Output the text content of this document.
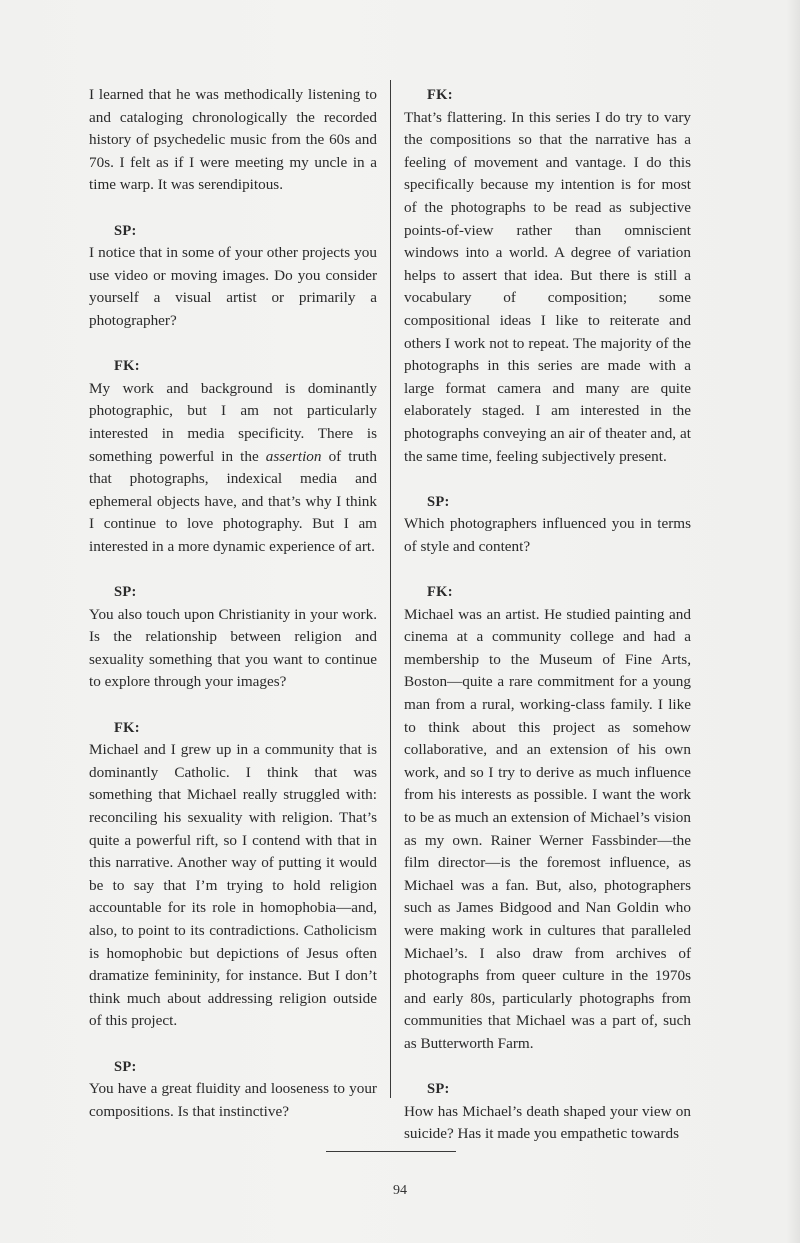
I learned that he was methodically listening to and cataloging chronologically the recorded history of psychedelic music from the 60s and 70s. I felt as if I were meeting my uncle in a time warp. It was serendipitous.

SP:

I notice that in some of your other projects you use video or moving images. Do you consider yourself a visual artist or primarily a photographer?

FK:

My work and background is dominantly photographic, but I am not particularly interested in media specificity. There is something powerful in the assertion of truth that photographs, indexical media and ephemeral objects have, and that’s why I think I continue to love photography. But I am interested in a more dynamic experience of art.

SP:

You also touch upon Christianity in your work. Is the relationship between religion and sexuality something that you want to continue to explore through your images?

FK:

Michael and I grew up in a community that is dominantly Catholic. I think that was something that Michael really struggled with: reconciling his sexuality with religion. That’s quite a powerful rift, so I contend with that in this narrative. Another way of putting it would be to say that I’m trying to hold religion accountable for its role in homophobia—and, also, to point to its contradictions. Catholicism is homophobic but depictions of Jesus often dramatize femininity, for instance. But I don’t think much about addressing religion outside of this project.

SP:

You have a great fluidity and looseness to your compositions. Is that instinctive?

FK:

That’s flattering. In this series I do try to vary the compositions so that the narrative has a feeling of movement and vantage. I do this specifically because my intention is for most of the photographs to be read as subjective points-of-view rather than omniscient windows into a world. A degree of variation helps to assert that idea. But there is still a vocabulary of composition; some compositional ideas I like to reiterate and others I work not to repeat. The majority of the photographs in this series are made with a large format camera and many are quite elaborately staged. I am interested in the photographs conveying an air of theater and, at the same time, feeling subjectively present.

SP:

Which photographers influenced you in terms of style and content?

FK:

Michael was an artist. He studied painting and cinema at a community college and had a membership to the Museum of Fine Arts, Boston—quite a rare commitment for a young man from a rural, working-class family. I like to think about this project as somehow collaborative, and an extension of his own work, and so I try to derive as much influence from his interests as possible. I want the work to be as much an extension of Michael’s vision as my own. Rainer Werner Fassbinder—the film director—is the foremost influence, as Michael was a fan. But, also, photographers such as James Bidgood and Nan Goldin who were making work in cultures that paralleled Michael’s. I also draw from archives of photographs from queer culture in the 1970s and early 80s, particularly photographs from communities that Michael was a part of, such as Butterworth Farm.

SP:

How has Michael’s death shaped your view on suicide? Has it made you empathetic towards

94
